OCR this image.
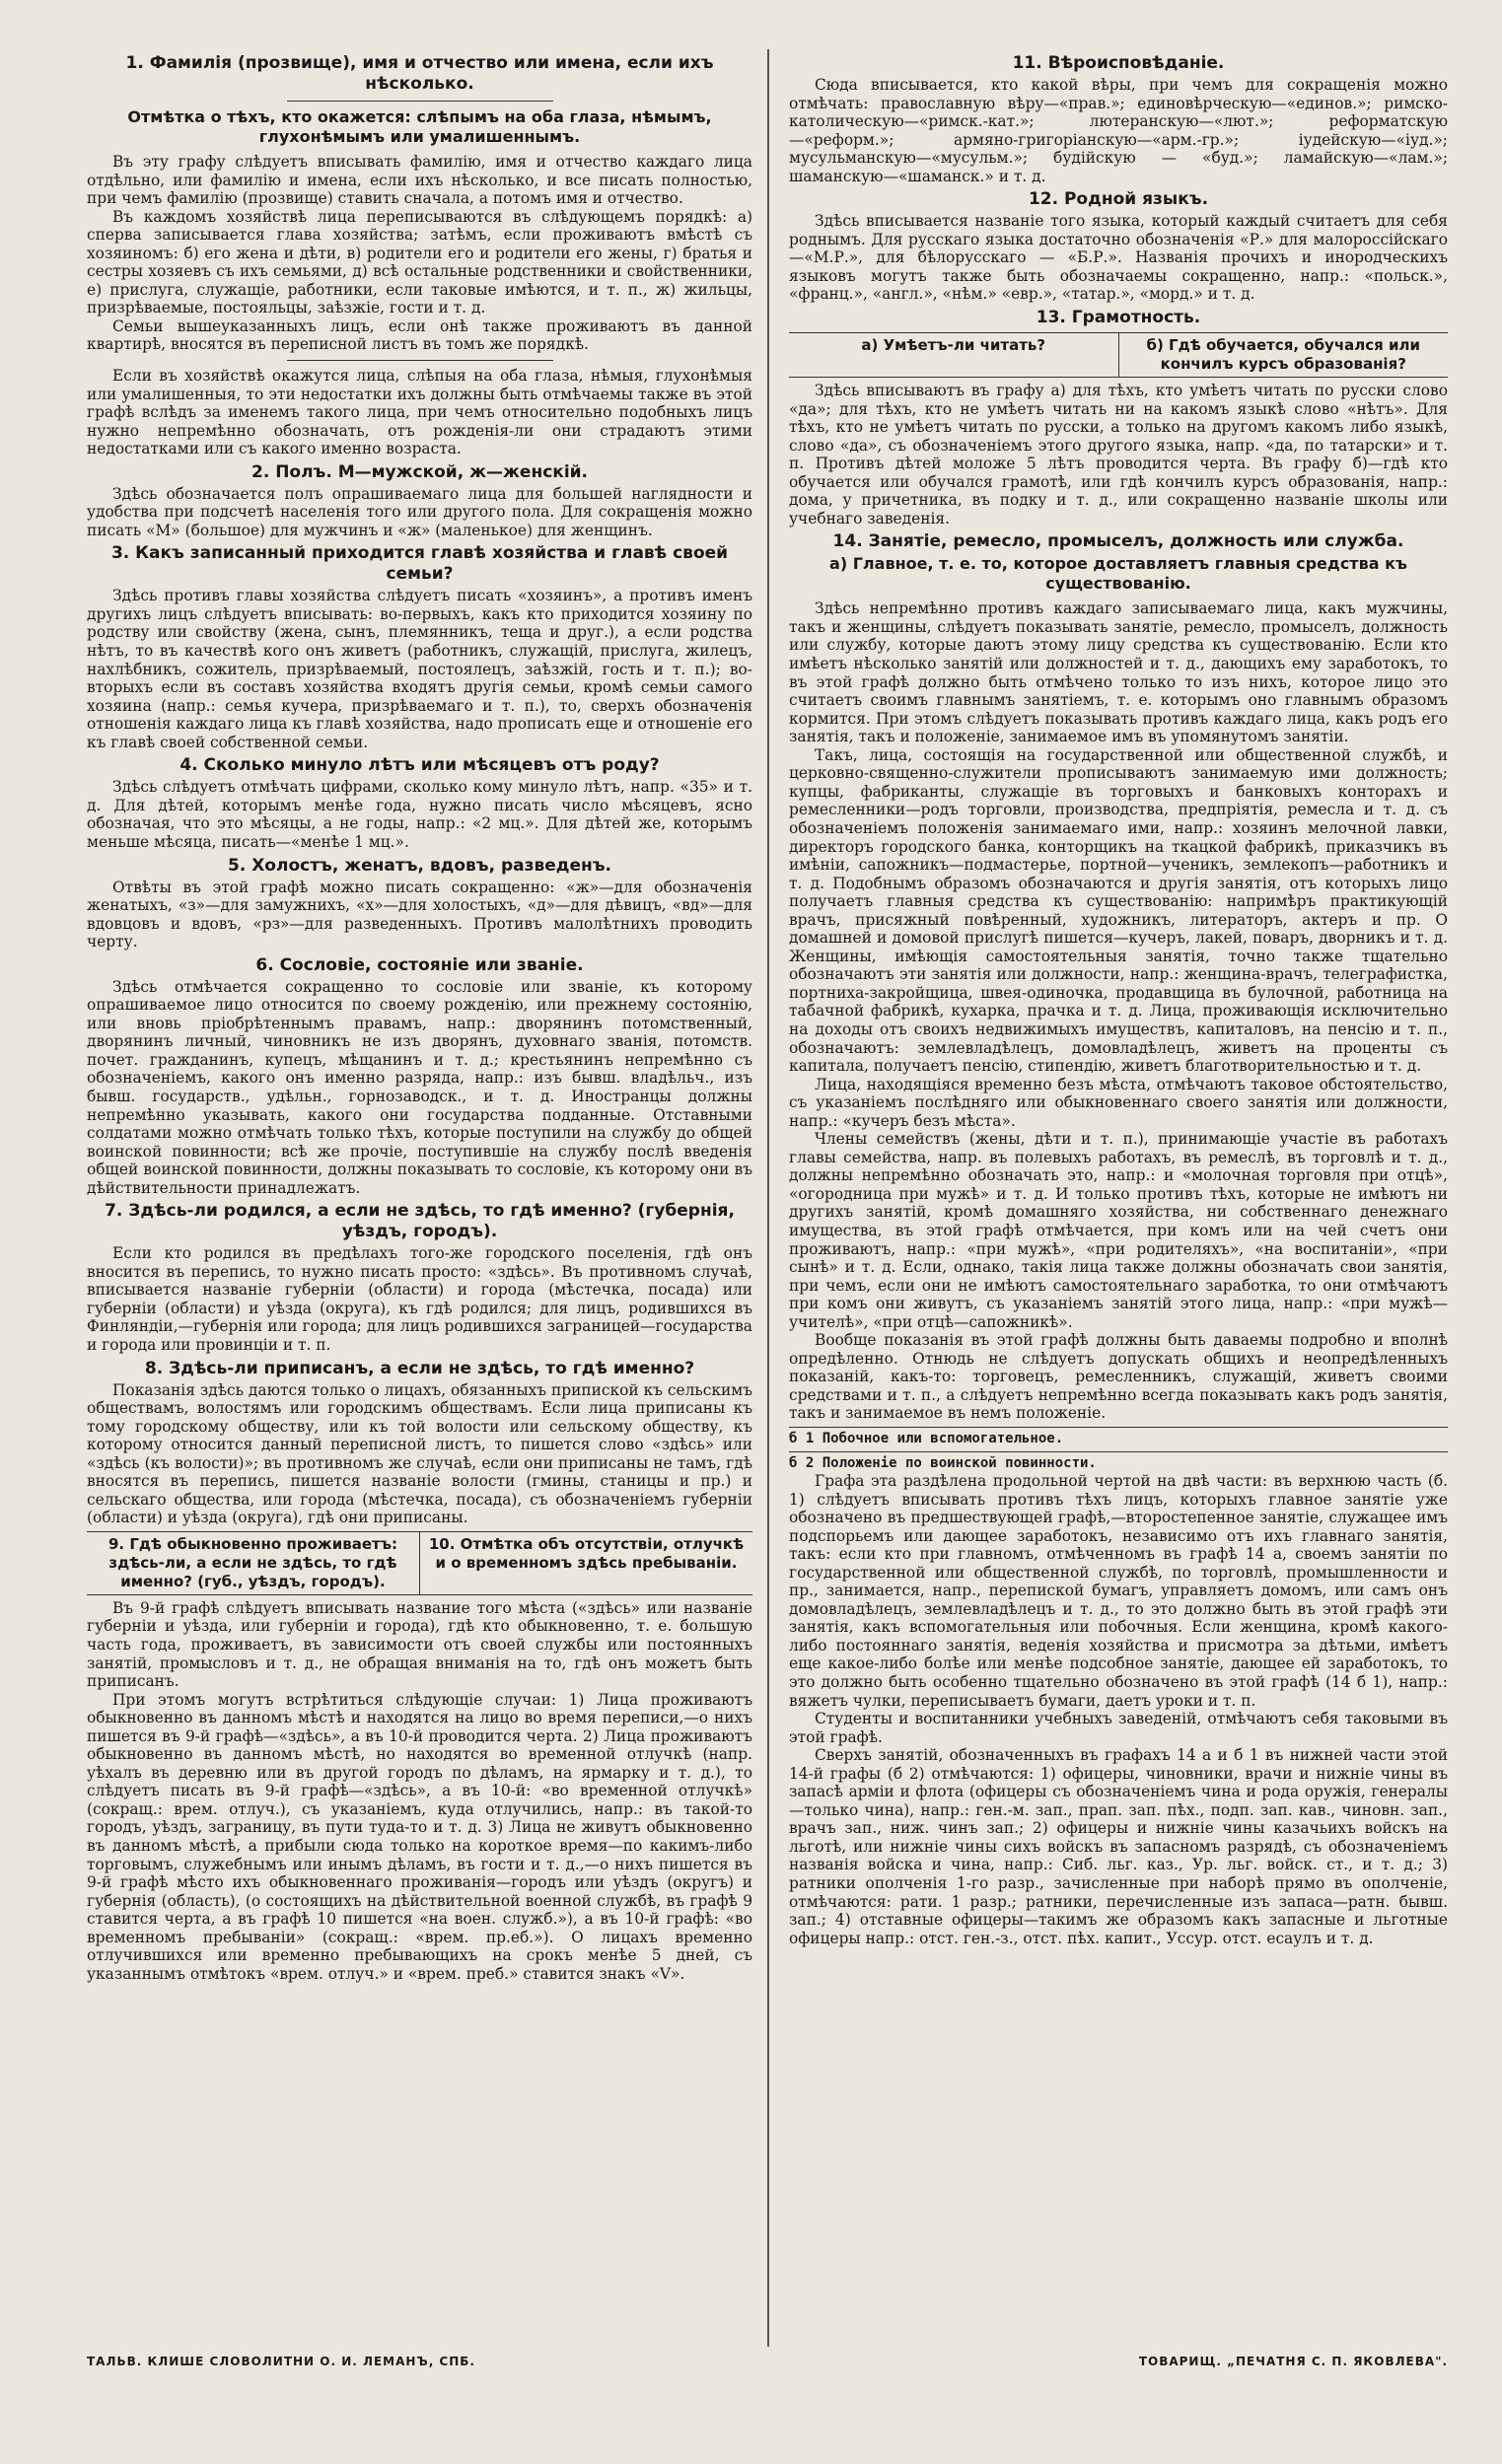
1. Фамилія (прозвище), имя и отчество или имена, если ихъ нѣсколько.
Отмѣтка о тѣхъ, кто окажется: слѣпымъ на оба глаза, нѣмымъ, глухонѣмымъ или умалишеннымъ.

Въ эту графу слѣдуетъ вписывать фамилію, имя и отчество каждаго лица отдѣльно, или фамилію и имена, если ихъ нѣсколько, и все писать полностью, при чемъ фамилію (прозвище) ставить сначала, а потомъ имя и отчество.

Въ каждомъ хозяйствѣ лица переписываются въ слѣдующемъ порядкѣ: а) сперва записывается глава хозяйства; затѣмъ, если проживаютъ вмѣстѣ съ хозяиномъ: б) его жена и дѣти, в) родители его и родители его жены, г) братья и сестры хозяевъ съ ихъ семьями, д) всѣ остальные родственники и свойственники, е) прислуга, служащіе, работники, если таковые имѣются, и т. п., ж) жильцы, призрѣваемые, постояльцы, заѣзжіе, гости и т. д.

Семьи вышеуказанныхъ лицъ, если онѣ также проживаютъ въ данной квартирѣ, вносятся въ переписной листъ въ томъ же порядкѣ.

Если въ хозяйствѣ окажутся лица, слѣпыя на оба глаза, нѣмыя, глухонѣмыя или умалишенныя, то эти недостатки ихъ должны быть отмѣчаемы также въ этой графѣ вслѣдъ за именемъ такого лица, при чемъ относительно подобныхъ лицъ нужно непремѣнно обозначать, отъ рожденія-ли они страдаютъ этими недостатками или съ какого именно возраста.

2. Полъ. М—мужской, ж—женскій.

Здѣсь обозначается полъ опрашиваемаго лица для большей наглядности и удобства при подсчетѣ населенія того или другого пола. Для сокращенія можно писать «М» (большое) для мужчинъ и «ж» (маленькое) для женщинъ.

3. Какъ записанный приходится главѣ хозяйства и главѣ своей семьи?

Здѣсь противъ главы хозяйства слѣдуетъ писать «хозяинъ», а противъ именъ другихъ лицъ слѣдуетъ вписывать: во-первыхъ, какъ кто приходится хозяину по родству или свойству (жена, сынъ, племянникъ, теща и друг.), а если родства нѣтъ, то въ качествѣ кого онъ живетъ (работникъ, служащій, прислуга, жилецъ, нахлѣбникъ, сожитель, призрѣваемый, постоялецъ, заѣзжій, гость и т. п.); во-вторыхъ если въ составъ хозяйства входятъ другія семьи, кромѣ семьи самого хозяина (напр.: семья кучера, призрѣваемаго и т. п.), то, сверхъ обозначенія отношенія каждаго лица къ главѣ хозяйства, надо прописать еще и отношеніе его къ главѣ своей собственной семьи.

4. Сколько минуло лѣтъ или мѣсяцевъ отъ роду?

Здѣсь слѣдуетъ отмѣчать цифрами, сколько кому минуло лѣтъ, напр. «35» и т. д. Для дѣтей, которымъ менѣе года, нужно писать число мѣсяцевъ, ясно обозначая, что это мѣсяцы, а не годы, напр.: «2 мц.». Для дѣтей же, которымъ меньше мѣсяца, писать—«менѣе 1 мц.».

5. Холостъ, женатъ, вдовъ, разведенъ.

Отвѣты въ этой графѣ можно писать сокращенно: «ж»—для обозначенія женатыхъ, «з»—для замужнихъ, «х»—для холостыхъ, «д»—для дѣвицъ, «вд»—для вдовцовъ и вдовъ, «рз»—для разведенныхъ. Противъ малолѣтнихъ проводить черту.

6. Сословіе, состояніе или званіе.

Здѣсь отмѣчается сокращенно то сословіе или званіе, къ которому опрашиваемое лицо относится по своему рожденію, или прежнему состоянію, или вновь пріобрѣтеннымъ правамъ, напр.: дворянинъ потомственный, дворянинъ личный, чиновникъ не изъ дворянъ, духовнаго званія, потомств. почет. гражданинъ, купецъ, мѣщанинъ и т. д.; крестьянинъ непремѣнно съ обозначеніемъ, какого онъ именно разряда, напр.: изъ бывш. владѣльч., изъ бывш. государств., удѣльн., горнозаводск., и т. д. Иностранцы должны непремѣнно указывать, какого они государства подданные. Отставными солдатами можно отмѣчать только тѣхъ, которые поступили на службу до общей воинской повинности; всѣ же прочіе, поступившіе на службу послѣ введенія общей воинской повинности, должны показывать то сословіе, къ которому они въ дѣйствительности принадлежатъ.

7. Здѣсь-ли родился, а если не здѣсь, то гдѣ именно? (губернія, уѣздъ, городъ).

Если кто родился въ предѣлахъ того-же городского поселенія, гдѣ онъ вносится въ перепись, то нужно писать просто: «здѣсь». Въ противномъ случаѣ, вписывается названіе губерніи (области) и города (мѣстечка, посада) или губерніи (области) и уѣзда (округа), къ гдѣ родился; для лицъ, родившихся въ Финляндіи,—губернія или города; для лицъ родившихся заграницей—государства и города или провинціи и т. п.

8. Здѣсь-ли приписанъ, а если не здѣсь, то гдѣ именно?

Показанія здѣсь даются только о лицахъ, обязанныхъ припиской къ сельскимъ обществамъ, волостямъ или городскимъ обществамъ. Если лица приписаны къ тому городскому обществу, или къ той волости или сельскому обществу, къ которому относится данный переписной листъ, то пишется слово «здѣсь» или «здѣсь (къ волости)»; въ противномъ же случаѣ, если они приписаны не тамъ, гдѣ вносятся въ перепись, пишется названіе волости (гмины, станицы и пр.) и сельскаго общества, или города (мѣстечка, посада), съ обозначеніемъ губерніи (области) и уѣзда (округа), гдѣ они приписаны.

9. Гдѣ обыкновенно проживаетъ: здѣсь-ли, а если не здѣсь, то гдѣ именно? (губ., уѣздъ, городъ).
10. Отмѣтка объ отсутствіи, отлучкѣ и о временномъ здѣсь пребываніи.

Въ 9-й графѣ слѣдуетъ вписывать название того мѣста («здѣсь» или названіе губерніи и уѣзда, или губерніи и города), гдѣ кто обыкновенно, т. е. большую часть года, проживаетъ, въ зависимости отъ своей службы или постоянныхъ занятій, промысловъ и т. д., не обращая вниманія на то, гдѣ онъ можетъ быть приписанъ.

При этомъ могутъ встрѣтиться слѣдующіе случаи: 1) Лица проживаютъ обыкновенно въ данномъ мѣстѣ и находятся на лицо во время переписи,—о нихъ пишется въ 9-й графѣ—«здѣсь», а въ 10-й проводится черта. 2) Лица проживаютъ обыкновенно въ данномъ мѣстѣ, но находятся во временной отлучкѣ (напр. уѣхалъ въ деревню или въ другой городъ по дѣламъ, на ярмарку и т. д.), то слѣдуетъ писать въ 9-й графѣ—«здѣсь», а въ 10-й: «во временной отлучкѣ» (сокращ.: врем. отлуч.), съ указаніемъ, куда отлучились, напр.: въ такой-то городъ, уѣздъ, заграницу, въ пути туда-то и т. д. 3) Лица не живутъ обыкновенно въ данномъ мѣстѣ, а прибыли сюда только на короткое время—по какимъ-либо торговымъ, служебнымъ или инымъ дѣламъ, въ гости и т. д.,—о нихъ пишется въ 9-й графѣ мѣсто ихъ обыкновеннаго проживанія—городъ или уѣздъ (округъ) и губернія (область), (о состоящихъ на дѣйствительной военной службѣ, въ графѣ 9 ставится черта, а въ графѣ 10 пишется «на воен. служб.»), а въ 10-й графѣ: «во временномъ пребываніи» (сокращ.: «врем. пр.еб.»). О лицахъ временно отлучившихся или временно пребывающихъ на срокъ менѣе 5 дней, съ указаннымъ отмѣтокъ «врем. отлуч.» и «врем. преб.» ставится знакъ «V».

11. Вѣроисповѣданіе.

Сюда вписывается, кто какой вѣры, при чемъ для сокращенія можно отмѣчать: православную вѣру—«прав.»; единовѣрческую—«единов.»; римско-католическую—«римск.-кат.»; лютеранскую—«лют.»; реформатскую—«реформ.»; армяно-григоріанскую—«арм.-гр.»; іудейскую—«іуд.»; мусульманскую—«мусульм.»; будійскую — «буд.»; ламайскую—«лам.»; шаманскую—«шаманск.» и т. д.

12. Родной языкъ.

Здѣсь вписывается названіе того языка, который каждый считаетъ для себя роднымъ. Для русскаго языка достаточно обозначенія «Р.» для малороссійскаго—«М.Р.», для бѣлорусскаго — «Б.Р.». Названія прочихъ и инородческихъ языковъ могутъ также быть обозначаемы сокращенно, напр.: «польск.», «франц.», «англ.», «нѣм.» «евр.», «татар.», «морд.» и т. д.

13. Грамотность.
а) Умѣетъ-ли читать?	б) Гдѣ обучается, обучался или кончилъ курсъ образованія?

Здѣсь вписываютъ въ графу а) для тѣхъ, кто умѣетъ читать по русски слово «да»; для тѣхъ, кто не умѣетъ читать ни на какомъ языкѣ слово «нѣтъ». Для тѣхъ, кто не умѣетъ читать по русски, а только на другомъ какомъ либо языкѣ, слово «да», съ обозначеніемъ этого другого языка, напр. «да, по татарски» и т. п. Противъ дѣтей моложе 5 лѣтъ проводится черта. Въ графу б)—гдѣ кто обучается или обучался грамотѣ, или гдѣ кончилъ курсъ образованія, напр.: дома, у причетника, въ подку и т. д., или сокращенно названіе школы или учебнаго заведенія.

14. Занятіе, ремесло, промыселъ, должность или служба.
а) Главное, т. е. то, которое доставляетъ главныя средства къ существованію.

Здѣсь непремѣнно противъ каждаго записываемаго лица, какъ мужчины, такъ и женщины, слѣдуетъ показывать занятіе, ремесло, промыселъ, должность или службу, которые даютъ этому лицу средства къ существованію. Если кто имѣетъ нѣсколько занятій или должностей и т. д., дающихъ ему заработокъ, то въ этой графѣ должно быть отмѣчено только то изъ нихъ, которое лицо это считаетъ своимъ главнымъ занятіемъ, т. е. которымъ оно главнымъ образомъ кормится. При этомъ слѣдуетъ показывать противъ каждаго лица, какъ родъ его занятія, такъ и положеніе, занимаемое имъ въ упомянутомъ занятіи.

Такъ, лица, состоящія на государственной или общественной службѣ, и церковно-священно-служители прописываютъ занимаемую ими должность; купцы, фабриканты, служащіе въ торговыхъ и банковыхъ конторахъ и ремесленники—родъ торговли, производства, предпріятія, ремесла и т. д. съ обозначеніемъ положенія занимаемаго ими, напр.: хозяинъ мелочной лавки, директоръ городского банка, конторщикъ на ткацкой фабрикѣ, приказчикъ въ имѣніи, сапожникъ—подмастерье, портной—ученикъ, землекопъ—работникъ и т. д. Подобнымъ образомъ обозначаются и другія занятія, отъ которыхъ лицо получаетъ главныя средства къ существованію: напримѣръ практикующій врачъ, присяжный повѣренный, художникъ, литераторъ, актеръ и пр. О домашней и домовой прислугѣ пишется—кучеръ, лакей, поваръ, дворникъ и т. д. Женщины, имѣющія самостоятельныя занятія, точно также тщательно обозначаютъ эти занятія или должности, напр.: женщина-врачъ, телеграфистка, портниха-закройщица, швея-одиночка, продавщица въ булочной, работница на табачной фабрикѣ, кухарка, прачка и т. д. Лица, проживающія исключительно на доходы отъ своихъ недвижимыхъ имуществъ, капиталовъ, на пенсію и т. п., обозначаютъ: землевладѣлецъ, домовладѣлецъ, живетъ на проценты съ капитала, получаетъ пенсію, стипендію, живетъ благотворительностью и т. д.

Лица, находящіяся временно безъ мѣста, отмѣчаютъ таковое обстоятельство, съ указаніемъ послѣдняго или обыкновеннаго своего занятія или должности, напр.: «кучеръ безъ мѣста».

Члены семействъ (жены, дѣти и т. п.), принимающіе участіе въ работахъ главы семейства, напр. въ полевыхъ работахъ, въ ремеслѣ, въ торговлѣ и т. д., должны непремѣнно обозначать это, напр.: и «молочная торговля при отцѣ», «огородница при мужѣ» и т. д. И только противъ тѣхъ, которые не имѣютъ ни другихъ занятій, кромѣ домашняго хозяйства, ни собственнаго денежнаго имущества, въ этой графѣ отмѣчается, при комъ или на чей счетъ они проживаютъ, напр.: «при мужѣ», «при родителяхъ», «на воспитаніи», «при сынѣ» и т. д. Если, однако, такія лица также должны обозначать свои занятія, при чемъ, если они не имѣютъ самостоятельнаго заработка, то они отмѣчаютъ при комъ они живутъ, съ указаніемъ занятій этого лица, напр.: «при мужѣ—учителѣ», «при отцѣ—сапожникѣ».

Вообще показанія въ этой графѣ должны быть даваемы подробно и вполнѣ опредѣленно. Отнюдь не слѣдуетъ допускать общихъ и неопредѣленныхъ показаній, какъ-то: торговецъ, ремесленникъ, служащій, живетъ своими средствами и т. п., а слѣдуетъ непремѣнно всегда показывать какъ родъ занятія, такъ и занимаемое въ немъ положеніе.

б 1 Побочное или вспомогательное.
б 2 Положеніе по воинской повинности.

Графа эта раздѣлена продольной чертой на двѣ части: въ верхнюю часть (б. 1) слѣдуетъ вписывать противъ тѣхъ лицъ, которыхъ главное занятіе уже обозначено въ предшествующей графѣ,—второстепенное занятіе, служащее имъ подспорьемъ или дающее заработокъ, независимо отъ ихъ главнаго занятія, такъ: если кто при главномъ, отмѣченномъ въ графѣ 14 а, своемъ занятіи по государственной или общественной службѣ, по торговлѣ, промышленности и пр., занимается, напр., перепиской бумагъ, управляетъ домомъ, или самъ онъ домовладѣлецъ, землевладѣлецъ и т. д., то это должно быть въ этой графѣ эти занятія, какъ вспомогательныя или побочныя. Если женщина, кромѣ какого-либо постояннаго занятія, веденія хозяйства и присмотра за дѣтьми, имѣетъ еще какое-либо болѣе или менѣе подсобное занятіе, дающее ей заработокъ, то это должно быть особенно тщательно обозначено въ этой графѣ (14 б 1), напр.: вяжетъ чулки, переписываетъ бумаги, даетъ уроки и т. п.

Студенты и воспитанники учебныхъ заведеній, отмѣчаютъ себя таковыми въ этой графѣ.

Сверхъ занятій, обозначенныхъ въ графахъ 14 а и б 1 въ нижней части этой 14-й графы (б 2) отмѣчаются: 1) офицеры, чиновники, врачи и нижніе чины въ запасѣ арміи и флота (офицеры съ обозначеніемъ чина и рода оружія, генералы—только чина), напр.: ген.-м. зап., прап. зап. пѣх., подп. зап. кав., чиновн. зап., врачъ зап., ниж. чинъ зап.; 2) офицеры и нижніе чины казачьихъ войскъ на льготѣ, или нижніе чины сихъ войскъ въ запасномъ разрядѣ, съ обозначеніемъ названія войска и чина, напр.: Сиб. льг. каз., Ур. льг. войск. ст., и т. д.; 3) ратники ополченія 1-го разр., зачисленные при наборѣ прямо въ ополченіе, отмѣчаются: рати. 1 разр.; ратники, перечисленные изъ запаса—ратн. бывш. зап.; 4) отставные офицеры—такимъ же образомъ какъ запасные и льготные офицеры напр.: отст. ген.-з., отст. пѣх. капит., Уссур. отст. есаулъ и т. д.

ТАЛЬВ. КЛИШЕ СЛОВОЛИТНИ О. И. ЛЕМАНЪ, СПБ.	ТОВАРИЩ. „ПЕЧАТНЯ С. П. ЯКОВЛЕВА".
